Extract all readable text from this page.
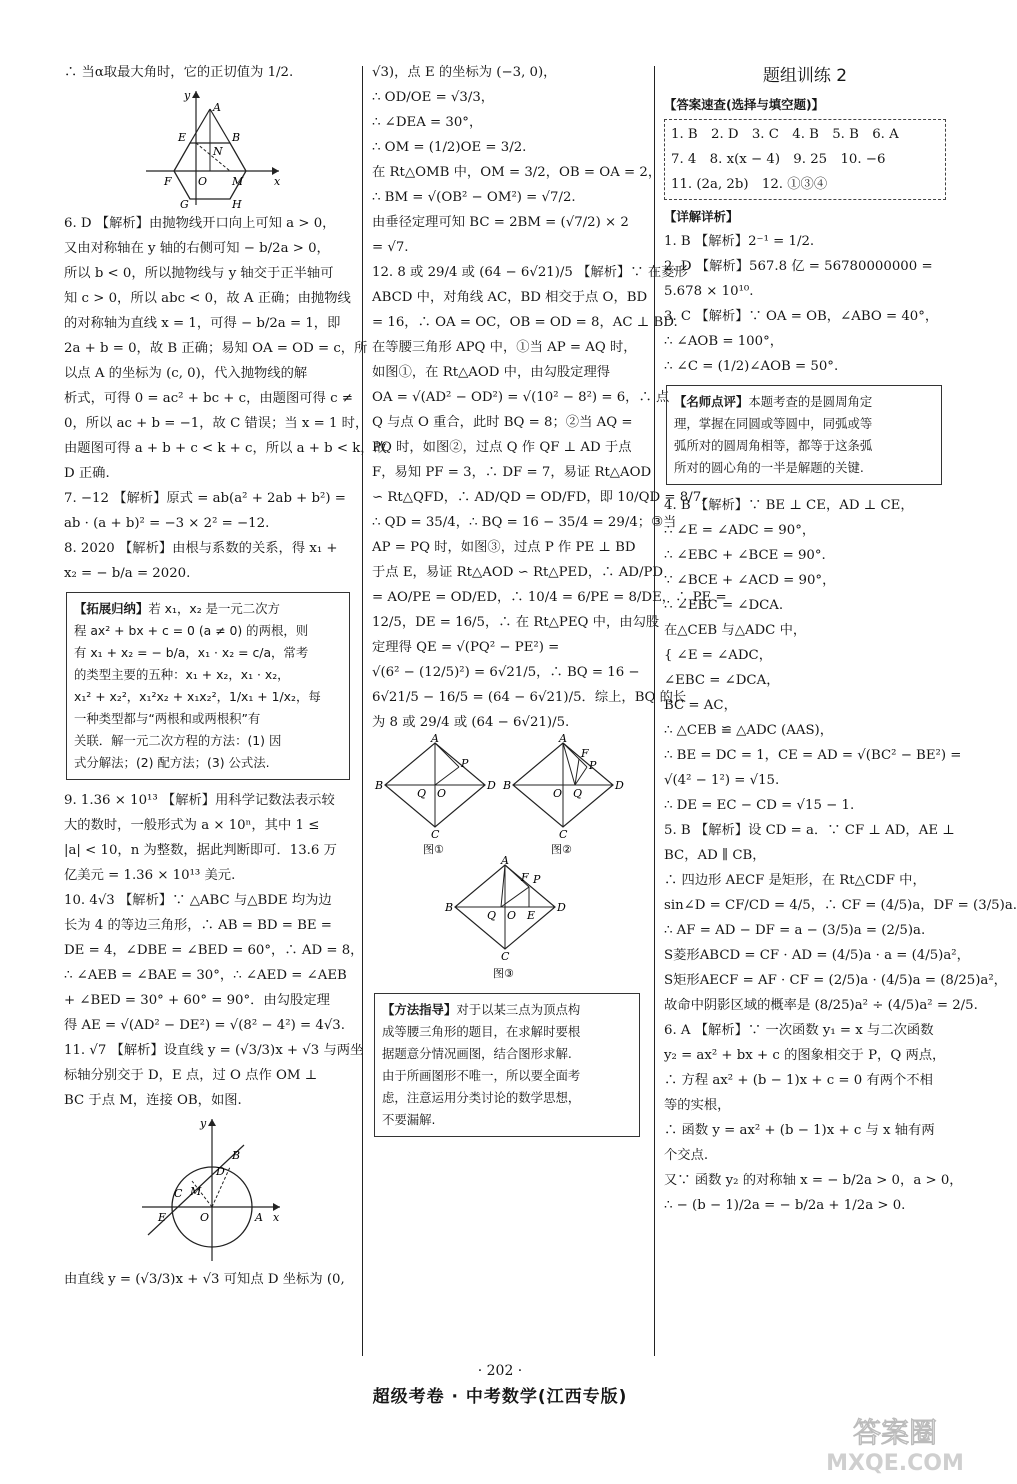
∴ 当α取最大角时，它的正切值为 1/2.
y
x
A
B
E
N
F O M
G	H
6. D 【解析】由抛物线开口向上可知 a > 0，
又由对称轴在 y 轴的右侧可知 − b/2a > 0，
所以 b < 0，所以抛物线与 y 轴交于正半轴可
知 c > 0，所以 abc < 0，故 A 正确；由抛物线
的对称轴为直线 x = 1，可得 − b/2a = 1，即
2a + b = 0，故 B 正确；易知 OA = OD = c，所
以点 A 的坐标为 (c, 0)，代入抛物线的解
析式，可得 0 = ac² + bc + c，由题图可得 c ≠
0，所以 ac + b = −1，故 C 错误；当 x = 1 时，
由题图可得 a + b + c < k + c，所以 a + b < k，故
D 正确.
7. −12 【解析】原式 = ab(a² + 2ab + b²) =
ab · (a + b)² = −3 × 2² = −12.
8. 2020 【解析】由根与系数的关系，得 x₁ +
x₂ = − b/a = 2020.
【拓展归纳】若 x₁，x₂ 是一元二次方
程 ax² + bx + c = 0 (a ≠ 0) 的两根，则
有 x₁ + x₂ = − b/a，x₁ · x₂ = c/a，常考
的类型主要的五种：x₁ + x₂，x₁ · x₂，
x₁² + x₂²，x₁²x₂ + x₁x₂²，1/x₁ + 1/x₂，每
一种类型都与“两根和或两根积”有
关联．解一元二次方程的方法：(1) 因
式分解法；(2) 配方法；(3) 公式法.
9. 1.36 × 10¹³ 【解析】用科学记数法表示较
大的数时，一般形式为 a × 10ⁿ，其中 1 ≤
|a| < 10，n 为整数，据此判断即可．13.6 万
亿美元 = 1.36 × 10¹³ 美元.
10. 4√3 【解析】∵ △ABC 与△BDE 均为边
长为 4 的等边三角形，∴ AB = BD = BE =
DE = 4，∠DBE = ∠BED = 60°，∴ AD = 8，
∴ ∠AEB = ∠BAE = 30°，∴ ∠AED = ∠AEB
+ ∠BED = 30° + 60° = 90°．由勾股定理
得 AE = √(AD² − DE²) = √(8² − 4²) = 4√3.
11. √7 【解析】设直线 y = (√3/3)x + √3 与两坐
标轴分别交于 D，E 点，过 O 点作 OM ⊥
BC 于点 M，连接 OB，如图.
y
x
B
D
C M
E	O	A
由直线 y = (√3/3)x + √3 可知点 D 坐标为 (0,
√3)，点 E 的坐标为 (−3, 0)，
∴ OD/OE = √3/3，
∴ ∠DEA = 30°，
∴ OM = (1/2)OE = 3/2.
在 Rt△OMB 中，OM = 3/2，OB = OA = 2，
∴ BM = √(OB² − OM²) = √7/2.
由垂径定理可知 BC = 2BM = (√7/2) × 2
= √7.
12. 8 或 29/4 或 (64 − 6√21)/5 【解析】∵ 在菱形
ABCD 中，对角线 AC，BD 相交于点 O，BD
= 16，∴ OA = OC，OB = OD = 8，AC ⊥ BD.
在等腰三角形 APQ 中，①当 AP = AQ 时，
如图①，在 Rt△AOD 中，由勾股定理得
OA = √(AD² − OD²) = √(10² − 8²) = 6，∴ 点
Q 与点 O 重合，此时 BQ = 8；②当 AQ =
PQ 时，如图②，过点 Q 作 QF ⊥ AD 于点
F，易知 PF = 3，∴ DF = 7，易证 Rt△AOD
∽ Rt△QFD，∴ AD/QD = OD/FD，即 10/QD = 8/7，
∴ QD = 35/4，∴ BQ = 16 − 35/4 = 29/4；③当
AP = PQ 时，如图③，过点 P 作 PE ⊥ BD
于点 E，易证 Rt△AOD ∽ Rt△PED，∴ AD/PD
= AO/PE = OD/ED，∴ 10/4 = 6/PE = 8/DE，∴ PE =
12/5，DE = 16/5，∴ 在 Rt△PEQ 中，由勾股
定理得 QE = √(PQ² − PE²) =
√(6² − (12/5)²) = 6√21/5，∴ BQ = 16 −
6√21/5 − 16/5 = (64 − 6√21)/5．综上，BQ 的长
为 8 或 29/4 或 (64 − 6√21)/5.
A
B	D
C
P
Q O
图①
A
B	D
C
P
F
O Q
图②
A
B	D
C
P
F
Q O E
图③
【方法指导】对于以某三点为顶点构
成等腰三角形的题目，在求解时要根
据题意分情况画图，结合图形求解.
由于所画图形不唯一，所以要全面考
虑，注意运用分类讨论的数学思想，
不要漏解.
题组训练 2
【答案速查(选择与填空题)】
1. B　2. D　3. C　4. B　5. B　6. A
7. 4　8. x(x − 4)　9. 25　10. −6
11. (2a, 2b)　12. ①③④
【详解详析】
1. B 【解析】2⁻¹ = 1/2.
2. D 【解析】567.8 亿 = 56780000000 =
5.678 × 10¹⁰.
3. C 【解析】∵ OA = OB，∠ABO = 40°，
∴ ∠AOB = 100°，
∴ ∠C = (1/2)∠AOB = 50°.
【名师点评】本题考查的是圆周角定
理，掌握在同圆或等圆中，同弧或等
弧所对的圆周角相等，都等于这条弧
所对的圆心角的一半是解题的关键.
4. B 【解析】∵ BE ⊥ CE，AD ⊥ CE，
∴ ∠E = ∠ADC = 90°，
∴ ∠EBC + ∠BCE = 90°.
∵ ∠BCE + ∠ACD = 90°，
∴ ∠EBC = ∠DCA.
在△CEB 与△ADC 中，
{ ∠E = ∠ADC，
∠EBC = ∠DCA，
BC = AC，
∴ △CEB ≌ △ADC (AAS)，
∴ BE = DC = 1，CE = AD = √(BC² − BE²) =
√(4² − 1²) = √15.
∴ DE = EC − CD = √15 − 1.
5. B 【解析】设 CD = a．∵ CF ⊥ AD，AE ⊥
BC，AD ∥ CB，
∴ 四边形 AECF 是矩形，在 Rt△CDF 中，
sin∠D = CF/CD = 4/5，∴ CF = (4/5)a，DF = (3/5)a.
∴ AF = AD − DF = a − (3/5)a = (2/5)a.
S菱形ABCD = CF · AD = (4/5)a · a = (4/5)a²，
S矩形AECF = AF · CF = (2/5)a · (4/5)a = (8/25)a²，
故命中阴影区域的概率是 (8/25)a² ÷ (4/5)a² = 2/5.
6. A 【解析】∵ 一次函数 y₁ = x 与二次函数
y₂ = ax² + bx + c 的图象相交于 P，Q 两点，
∴ 方程 ax² + (b − 1)x + c = 0 有两个不相
等的实根，
∴ 函数 y = ax² + (b − 1)x + c 与 x 轴有两
个交点.
又∵ 函数 y₂ 的对称轴 x = − b/2a > 0，a > 0，
∴ − (b − 1)/2a = − b/2a + 1/2a > 0.
· 202 ·
超级考卷 · 中考数学(江西专版)
答案圈
MXQE.COM
